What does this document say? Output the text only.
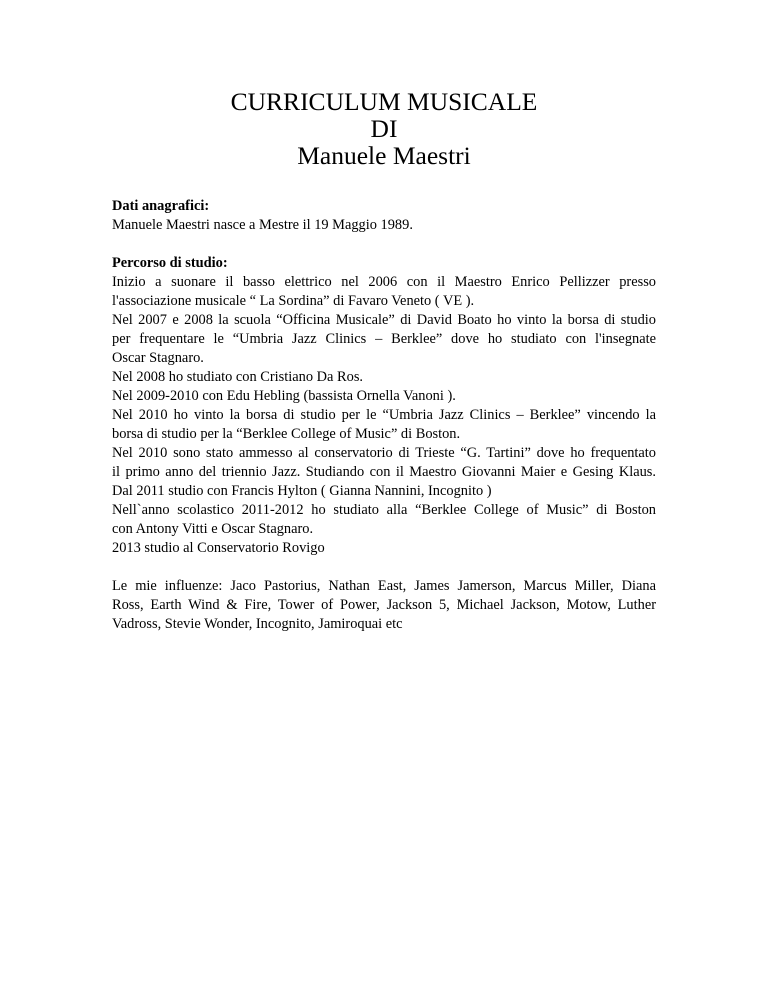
CURRICULUM MUSICALE
DI
Manuele Maestri
Dati anagrafici:
Manuele Maestri nasce a Mestre il 19 Maggio 1989.
Percorso di studio:
Inizio a suonare il basso elettrico nel 2006 con il Maestro Enrico Pellizzer presso
l'associazione musicale “ La Sordina” di Favaro Veneto ( VE ).
Nel 2007 e 2008 la scuola “Officina Musicale” di David Boato ho vinto la borsa di studio
per frequentare le “Umbria Jazz Clinics – Berklee” dove ho studiato con l'insegnate
Oscar Stagnaro.
Nel 2008 ho studiato con Cristiano Da Ros.
Nel 2009-2010 con Edu Hebling (bassista Ornella Vanoni ).
Nel 2010 ho vinto la borsa di studio per le “Umbria Jazz Clinics – Berklee” vincendo la
borsa di studio per la “Berklee College of Music” di Boston.
Nel 2010 sono stato ammesso al conservatorio di Trieste “G. Tartini” dove ho frequentato
il primo anno del triennio Jazz. Studiando con il Maestro Giovanni Maier e Gesing Klaus.
Dal 2011 studio con Francis Hylton ( Gianna Nannini, Incognito )
Nell`anno scolastico 2011-2012 ho studiato alla “Berklee College of Music” di Boston
con Antony Vitti e Oscar Stagnaro.
2013 studio al Conservatorio Rovigo
Le mie influenze: Jaco Pastorius, Nathan East, James Jamerson, Marcus Miller, Diana
Ross, Earth Wind & Fire, Tower of Power, Jackson 5, Michael Jackson, Motow, Luther
Vadross, Stevie Wonder, Incognito, Jamiroquai etc
